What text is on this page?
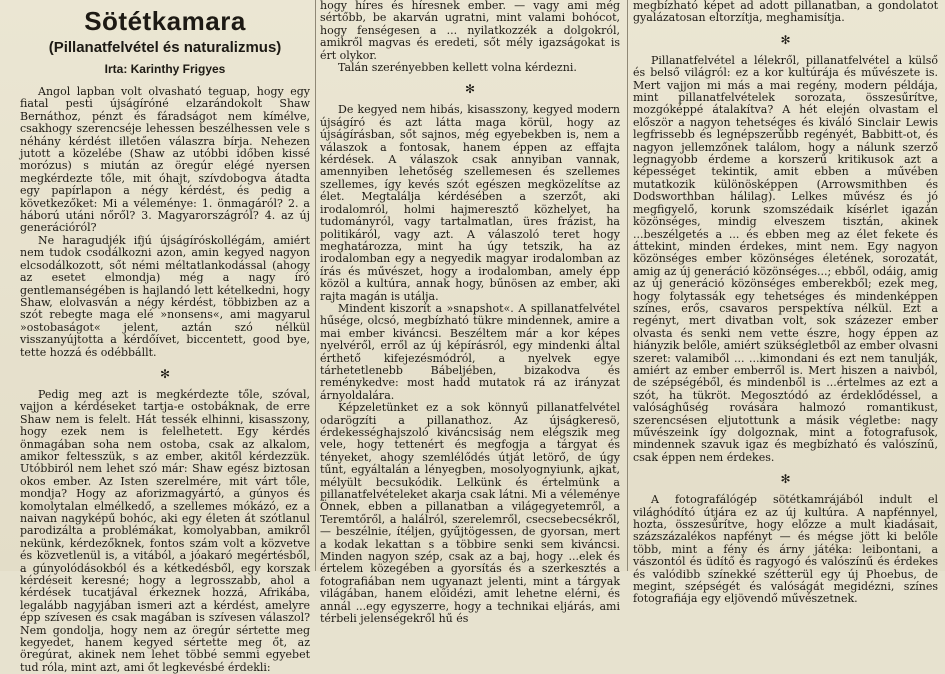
Sötétkamara
(Pillanatfelvétel és naturalizmus)
Irta: Karinthy Frigyes

Angol lapban volt olvasható teguap, hogy egy fiatal pesti újságíróné elzarándokolt Shaw Bernáthoz, pénzt és fáradságot nem kímélve, csakhogy szerencséje lehessen beszélhessen vele s néhány kérdést illetően válaszra bírja. Nehezen jutott a közelébe (Shaw az utóbbi időben kissé morózus) s miután az öregúr elégé nyersen megkérdezte tőle, mit óhajt, szívdobogva átadta egy papírlapon a négy kérdést, és pedig a következőket: Mi a véleménye: 1. önmagáról? 2. a háború utáni nőről? 3. Magyarországról? 4. az új generációról?

Ne haragudjék ifjú újságíróskollégám, amiért nem tudok csodálkozni azon, amin kegyed nagyon elcsodálkozott, sőt némi méltatlankodással (ahogy az esetet elmondja) még a nagy író gentlemanségében is hajlandó lett kételkedni, hogy Shaw, elolvasván a négy kérdést, többizben az a szót rebegte maga elé »nonsens«, ami magyarul »ostobaságot« jelent, aztán szó nélkül visszanyújtotta a kérdőívet, biccentett, good bye, tette hozzá és odébbállt.

✻

Pedig meg azt is megkérdezte tőle, szóval, vajjon a kérdéseket tartja-e ostobáknak, de erre Shaw nem is felelt. Hát tessék elhinni, kisasszony, hogy ezek nem is felelhetett. Egy kérdés önmagában soha nem ostoba, csak az alkalom, amikor feltesszük, s az ember, akitől kérdezzük. Utóbbiról nem lehet szó már: Shaw egész biztosan okos ember. Az Isten szerelmére, mit várt tőle, mondja? Hogy az aforizmagyártó, a gúnyos és komolytalan elmélkedő, a szellemes mókázó, ez a naivan nagyképű bohóc, aki egy életen át szótlanul parodizálta a problémákat, komolyabban, amikről nekünk, kérdezőknek, fontos szám volt a közvetve és közvetlenül is, a vitából, a jóakaró megértésből, a gúnyolódásokból és a kétkedésből, egy korszak kérdéseit keresné; hogy a legrosszabb, ahol a kérdések tucatjával érkeznek hozzá, Afrikába, legalább nagyjában ismeri azt a kérdést, amelyre épp szívesen és csak magában is szívesen válaszol? Nem gondolja, hogy nem az öregúr sértette meg kegyedet, hanem kegyed sértette meg őt, az öregúrat, akinek nem lehet többé semmi egyebet tud róla, mint azt, ami őt legkevésbé érdekli:

hogy híres és híresnek ember. — vagy ami még sértőbb, be akarván ugratni, mint valami bohócot, hogy fenségesen a ... nyilatkozzék a dolgokról, amikről magvas és eredeti, sőt mély igazságokat is ért olykor.

Talán szerényebben kellett volna kérdezni.

✻

De kegyed nem hibás, kisasszony, kegyed modern újságíró és azt látta maga körül, hogy az újságírásban, sőt sajnos, még egyebekben is, nem a válaszok a fontosak, hanem éppen az effajta kérdések. A válaszok csak annyiban vannak, amennyiben lehetőség szellemesen és szellemes szellemes, így kevés szót egészen megközelítse az élet. Megtalálja kérdésében a szerzőt, aki irodalomról, holmi hajmeresztő közhelyet, ha tudományról, vagy tartalmatlan, üres frázist, ha politikáról, vagy azt. A válaszoló teret hogy meghatározza, mint ha úgy tetszik, ha az irodalomban egy a negyedik magyar irodalomban az írás és művészet, hogy a irodalomban, amely épp közöl a kultúra, annak hogy, bűnösen az ember, aki rajta magán is utálja.

Mindent kiszorít a »snapshot«. A spillanatfelvétel hűsége, olcsó, megbízható tükre mindennek, amire a mai ember kiváncsi. Beszéltem már a kor képes nyelvéről, erről az új képírásról, egy mindenki által érthető kifejezésmódról, a nyelvek egye tárhetetlenebb Bábeljében, bizakodva és reménykedve: most hadd mutatok rá az irányzat árnyoldalára.

Képzeletünket ez a sok könnyű pillanatfelvétel odarögzíti a pillanathoz. Az újságkeresö, érdekességhajszoló kiváncsiság nem elégszik meg vele, hogy tettenért és megfogja a tárgyat és tényeket, ahogy szemlélődés útját letörő, de úgy tűnt, egyáltalán a lényegben, mosolyognyiunk, ajkat, mélyült becsukódik. Lelkünk és értelmünk a pillanatfelvételeket akarja csak látni. Mi a véleménye Önnek, ebben a pillanatban a világegyetemről, a Teremtőről, a halálról, szerelemről, csecsebecsékről, — beszélnie, ítéljen, gyűjtögessen, de gyorsan, mert a kodak lekattan s a többire senki sem kiváncsi. Minden nagyon szép, csak az a baj, hogy ...elek és értelem közegében a gyorsítás és a szerkesztés a fotografiában nem ugyanazt jelenti, mint a tárgyak világában, hanem előidézi, amit lehetne elérni, és annál ...egy egyszerre, hogy a technikai eljárás, ami térbeli jelenségekről hű és

megbízható képet ad adott pillanatban, a gondolatot gyalázatosan eltorzítja, meghamisítja.

✻

Pillanatfelvétel a lélekről, pillanatfelvétel a külső és belső világról: ez a kor kultúrája és művészete is. Mert vajjon mi más a mai regény, modern példája, mint pillanatfelvételek sorozata, összesűrítve, mozgóképpé átalakítva? A hét elején olvastam el először a nagyon tehetséges és kiváló Sinclair Lewis legfrissebb és legnépszerűbb regényét, Babbitt-ot, és nagyon jellemzőnek találom, hogy a nálunk szerző legnagyobb érdeme a korszerű kritikusok azt a képességet tekintik, amit ebben a művében mutatkozik különösképpen (Arrowsmithben és Dodsworthban hálilag). Lelkes művész és jó megfigyelő, korunk szomszédaik kísérlet igazán közönséges, mindig elveszem tisztán, akinek ...beszélgetés a ... és ebben meg az élet fekete és áttekint, minden érdekes, mint nem. Egy nagyon közönséges ember közönséges életének, sorozatát, amig az új generáció közönséges...; ebből, odáig, amig az új generáció közönséges emberekből; ezek meg, hogy folytassák egy tehetséges és mindenképpen színes, erős, csavaros perspektíva nélkül. Ezt a regényt, mert divatban volt, sok százezer ember olvasta és senki nem vette észre, hogy éppen az hiányzik belőle, amiért szükségletből az ember olvasni szeret: valamiből ... ...kimondani és ezt nem tanulják, amiért az ember emberről is. Mert hiszen a naivból, de szépségéből, és mindenből is ...értelmes az ezt a szót, ha tükröt. Megosztódó az érdeklődéssel, a valósághűség rovására halmozó romantikust, szerencsésen eljutottunk a másik végletbe: nagy művészeink így dolgoznak, mint a fotografusok, mindennek szavuk igaz és megbízható és valószínű, csak éppen nem érdekes.

✻

A fotografálógép sötétkamrájából indult el világhódító útjára ez az új kultúra. A napfénnyel, hozta, összesűrítve, hogy előzze a mult kiadásait, százszázalékos napfényt — és mégse jött ki belőle több, mint a fény és árny játéka: leibontani, a vászontól és üdítő és ragyogó és valószínű és érdekes és valódibb színekké szétterül egy új Phoebus, de megint, szépségét és valóságát megidézni, színes fotografiája egy eljövendő művészetnek.
